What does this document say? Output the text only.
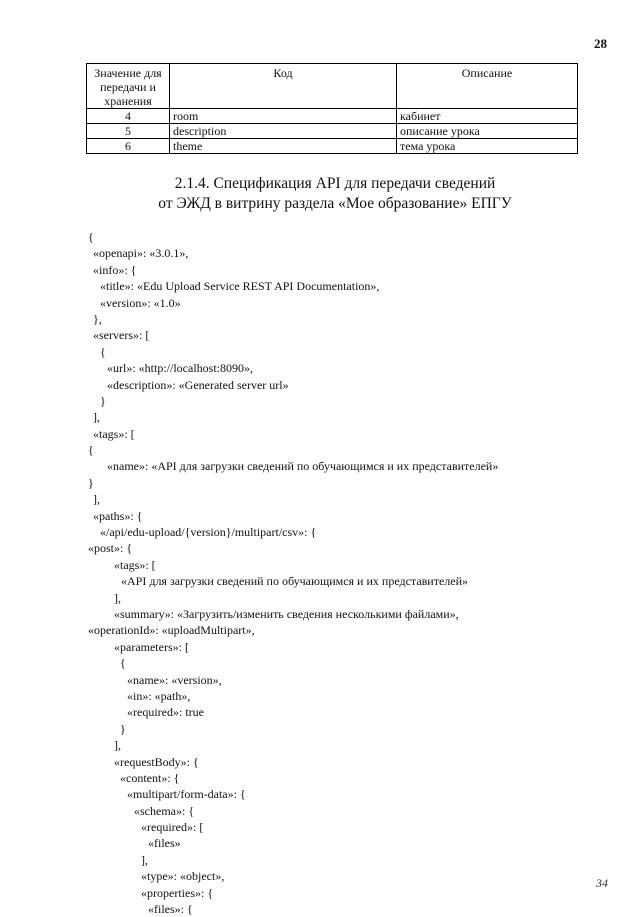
28
Значение для передачи и хранения	Код	Описание
4	room	кабинет
5	description	описание урока
6	theme	тема урока
2.1.4. Спецификация API для передачи сведений
от ЭЖД в витрину раздела «Мое образование» ЕПГУ
{
«openapi»: «3.0.1»,
«info»: {
«title»: «Edu Upload Service REST API Documentation»,
«version»: «1.0»
},
«servers»: [
{
«url»: «http://localhost:8090»,
«description»: «Generated server url»
}
],
«tags»: [
{
«name»: «API для загрузки сведений по обучающимся и их представителей»
}
],
«paths»: {
«/api/edu-upload/{version}/multipart/csv»: {
«post»: {
«tags»: [
«API для загрузки сведений по обучающимся и их представителей»
],
«summary»: «Загрузить/изменить сведения несколькими файлами»,
«operationId»: «uploadMultipart»,
«parameters»: [
{
«name»: «version»,
«in»: «path»,
«required»: true
}
],
«requestBody»: {
«content»: {
«multipart/form-data»: {
«schema»: {
«required»: [
«files»
],
«type»: «object»,
«properties»: {
«files»: {
34
